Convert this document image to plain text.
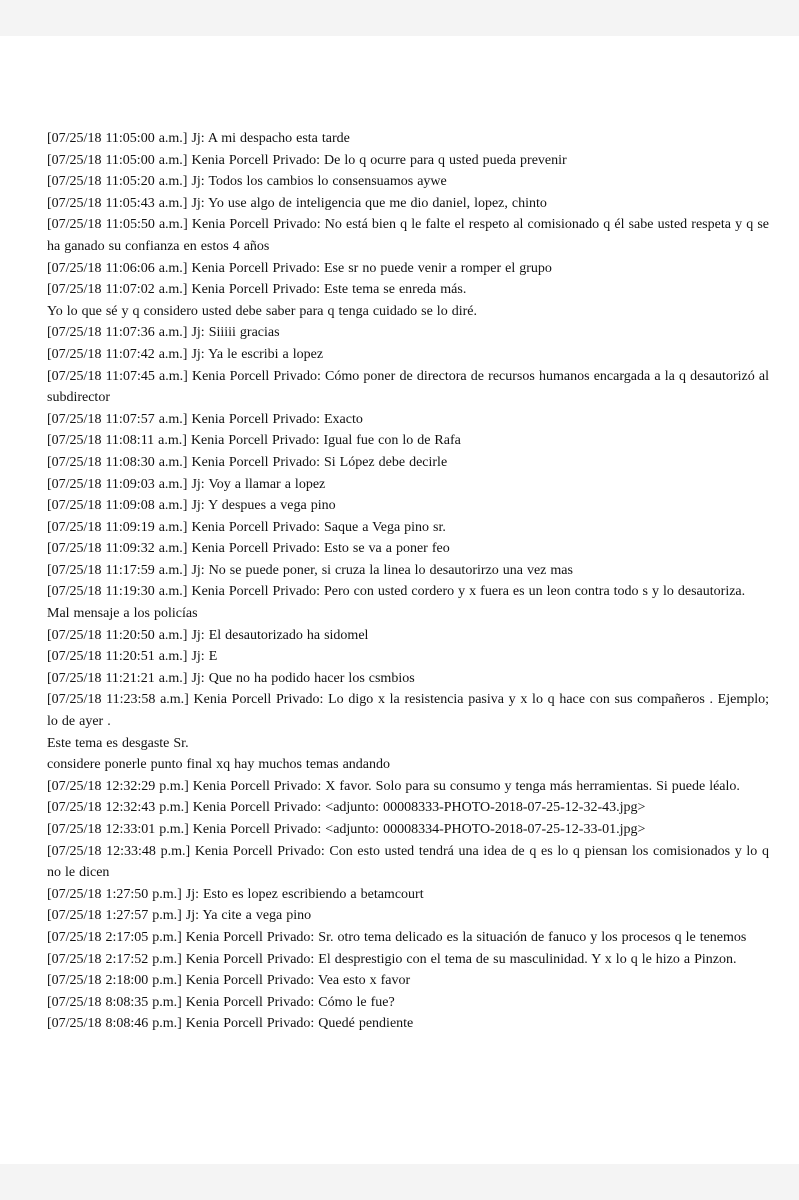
[07/25/18 11:05:00 a.m.] Jj: A mi despacho esta tarde

[07/25/18 11:05:00 a.m.] Kenia Porcell Privado: De lo q ocurre para q usted pueda prevenir

[07/25/18 11:05:20 a.m.] Jj: Todos los cambios lo consensuamos aywe

[07/25/18 11:05:43 a.m.] Jj: Yo use algo de inteligencia que me dio daniel, lopez, chinto

[07/25/18 11:05:50 a.m.] Kenia Porcell Privado: No está bien q le falte el respeto al comisionado q él sabe usted respeta y q se ha ganado su confianza en estos 4 años

[07/25/18 11:06:06 a.m.] Kenia Porcell Privado: Ese sr no puede venir a romper el grupo

[07/25/18 11:07:02 a.m.] Kenia Porcell Privado: Este tema se enreda más.

Yo lo que sé y q considero usted debe saber para q tenga cuidado se lo diré.

[07/25/18 11:07:36 a.m.] Jj: Siiiii gracias

[07/25/18 11:07:42 a.m.] Jj: Ya le escribi a lopez

[07/25/18 11:07:45 a.m.] Kenia Porcell Privado: Cómo poner de directora de recursos humanos encargada a la q desautorizó al subdirector

[07/25/18 11:07:57 a.m.] Kenia Porcell Privado: Exacto

[07/25/18 11:08:11 a.m.] Kenia Porcell Privado: Igual fue con lo de Rafa

[07/25/18 11:08:30 a.m.] Kenia Porcell Privado: Si López debe decirle

[07/25/18 11:09:03 a.m.] Jj: Voy a llamar a lopez

[07/25/18 11:09:08 a.m.] Jj: Y despues a vega pino

[07/25/18 11:09:19 a.m.] Kenia Porcell Privado: Saque a Vega pino sr.

[07/25/18 11:09:32 a.m.] Kenia Porcell Privado: Esto se va a poner feo

[07/25/18 11:17:59 a.m.] Jj: No se puede poner, si cruza la linea lo desautorirzo una vez mas

[07/25/18 11:19:30 a.m.] Kenia Porcell Privado: Pero con usted cordero y x fuera es un leon contra todo s y lo desautoriza.

Mal mensaje a los policías

[07/25/18 11:20:50 a.m.] Jj: El desautorizado ha sidomel

[07/25/18 11:20:51 a.m.] Jj: E

[07/25/18 11:21:21 a.m.] Jj: Que no ha podido hacer los csmbios

[07/25/18 11:23:58 a.m.] Kenia Porcell Privado: Lo digo x la resistencia pasiva y x lo q hace con sus compañeros . Ejemplo; lo de ayer .

Este tema es desgaste Sr.

considere ponerle punto final xq hay muchos temas andando

[07/25/18 12:32:29 p.m.] Kenia Porcell Privado: X favor. Solo para su consumo y tenga más herramientas. Si puede léalo.

[07/25/18 12:32:43 p.m.] Kenia Porcell Privado: <adjunto: 00008333-PHOTO-2018-07-25-12-32-43.jpg>

[07/25/18 12:33:01 p.m.] Kenia Porcell Privado: <adjunto: 00008334-PHOTO-2018-07-25-12-33-01.jpg>

[07/25/18 12:33:48 p.m.] Kenia Porcell Privado: Con esto usted tendrá una idea de q es lo q piensan los comisionados y lo q no le dicen

[07/25/18 1:27:50 p.m.] Jj: Esto es lopez escribiendo a betamcourt

[07/25/18 1:27:57 p.m.] Jj: Ya cite a vega pino

[07/25/18 2:17:05 p.m.] Kenia Porcell Privado: Sr. otro tema delicado es la situación de fanuco y los procesos q le tenemos

[07/25/18 2:17:52 p.m.] Kenia Porcell Privado: El desprestigio con el tema de su masculinidad. Y x lo q le hizo a Pinzon.

[07/25/18 2:18:00 p.m.] Kenia Porcell Privado: Vea esto x favor

[07/25/18 8:08:35 p.m.] Kenia Porcell Privado: Cómo le fue?

[07/25/18 8:08:46 p.m.] Kenia Porcell Privado: Quedé pendiente
